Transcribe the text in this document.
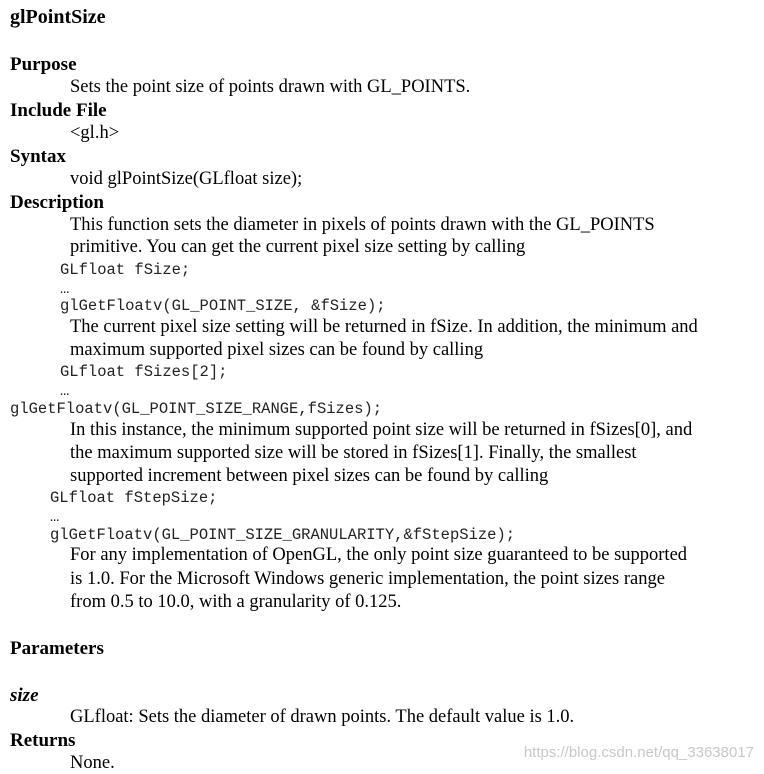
glPointSize
Purpose
Sets the point size of points drawn with GL_POINTS.
Include File
<gl.h>
Syntax
void glPointSize(GLfloat size);
Description
This function sets the diameter in pixels of points drawn with the GL_POINTS
primitive. You can get the current pixel size setting by calling
GLfloat fSize;
…
glGetFloatv(GL_POINT_SIZE, &fSize);
The current pixel size setting will be returned in fSize. In addition, the minimum and
maximum supported pixel sizes can be found by calling
GLfloat fSizes[2];
…
glGetFloatv(GL_POINT_SIZE_RANGE,fSizes);
In this instance, the minimum supported point size will be returned in fSizes[0], and
the maximum supported size will be stored in fSizes[1]. Finally, the smallest
supported increment between pixel sizes can be found by calling
GLfloat fStepSize;
…
glGetFloatv(GL_POINT_SIZE_GRANULARITY,&fStepSize);
For any implementation of OpenGL, the only point size guaranteed to be supported
is 1.0. For the Microsoft Windows generic implementation, the point sizes range
from 0.5 to 10.0, with a granularity of 0.125.
Parameters
size
GLfloat: Sets the diameter of drawn points. The default value is 1.0.
Returns
None.
https://blog.csdn.net/qq_33638017
